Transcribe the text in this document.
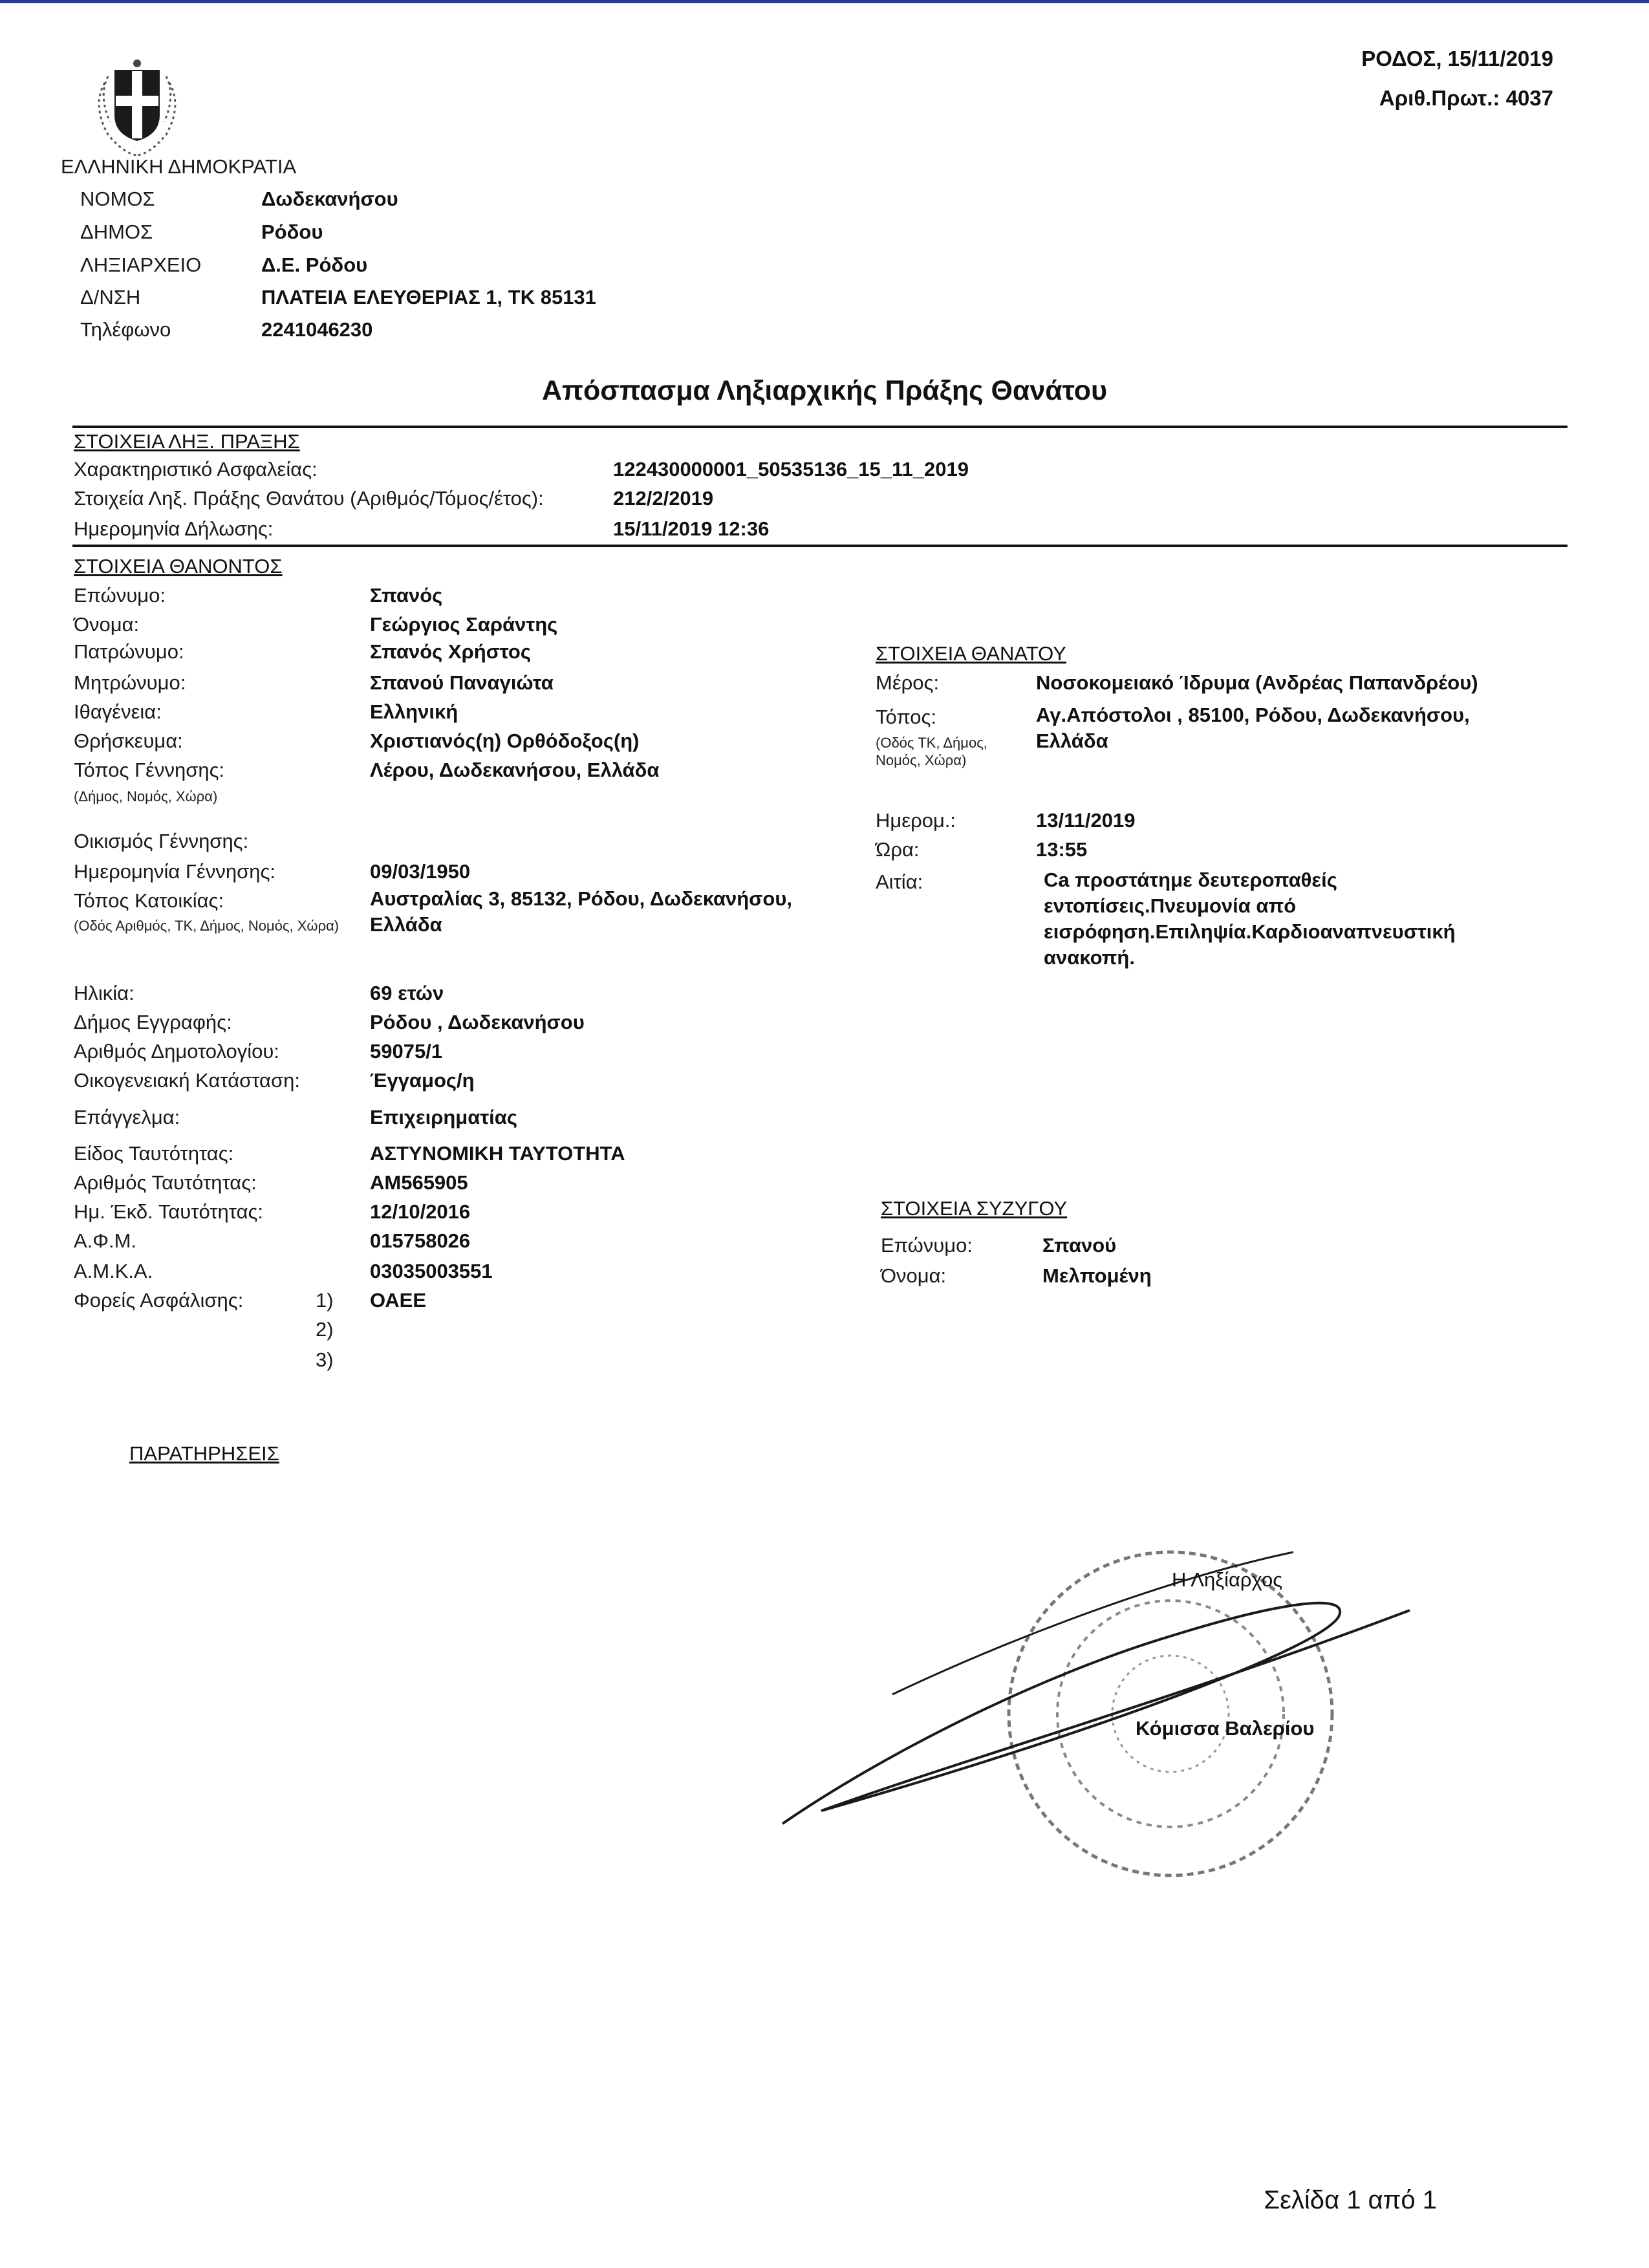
ΡΟΔΟΣ, 15/11/2019
Αριθ.Πρωτ.: 4037
ΕΛΛΗΝΙΚΗ ΔΗΜΟΚΡΑΤΙΑ
ΝΟΜΟΣ	Δωδεκανήσου
ΔΗΜΟΣ	Ρόδου
ΛΗΞΙΑΡΧΕΙΟ	Δ.Ε. Ρόδου
Δ/ΝΣΗ	ΠΛΑΤΕΙΑ ΕΛΕΥΘΕΡΙΑΣ 1, ΤΚ 85131
Τηλέφωνο	2241046230
Απόσπασμα Ληξιαρχικής Πράξης Θανάτου
ΣΤΟΙΧΕΙΑ ΛΗΞ. ΠΡΑΞΗΣ
Χαρακτηριστικό Ασφαλείας:	122430000001_50535136_15_11_2019
Στοιχεία Ληξ. Πράξης Θανάτου (Αριθμός/Τόμος/έτος):	212/2/2019
Ημερομηνία Δήλωσης:	15/11/2019 12:36
ΣΤΟΙΧΕΙΑ ΘΑΝΟΝΤΟΣ
Επώνυμο:	Σπανός
Όνομα:	Γεώργιος Σαράντης
Πατρώνυμο:	Σπανός Χρήστος
Μητρώνυμο:	Σπανού Παναγιώτα
Ιθαγένεια:	Ελληνική
Θρήσκευμα:	Χριστιανός(η) Ορθόδοξος(η)
Τόπος Γέννησης:
(Δήμος, Νομός, Χώρα)
Λέρου, Δωδεκανήσου, Ελλάδα
Οικισμός Γέννησης:
Ημερομηνία Γέννησης:	09/03/1950
Τόπος Κατοικίας:
(Οδός Αριθμός, ΤΚ, Δήμος, Νομός, Χώρα)
Αυστραλίας 3, 85132, Ρόδου, Δωδεκανήσου, Ελλάδα
Ηλικία:	69 ετών
Δήμος Εγγραφής:	Ρόδου , Δωδεκανήσου
Αριθμός Δημοτολογίου:	59075/1
Οικογενειακή Κατάσταση:	Έγγαμος/η
Επάγγελμα:	Επιχειρηματίας
Είδος Ταυτότητας:	ΑΣΤΥΝΟΜΙΚΗ ΤΑΥΤΟΤΗΤΑ
Αριθμός Ταυτότητας:	ΑΜ565905
Ημ. Έκδ. Ταυτότητας:	12/10/2016
Α.Φ.Μ.	015758026
Α.Μ.Κ.Α.	03035003551
Φορείς Ασφάλισης:	1) ΟΑΕΕ
2)
3)
ΣΤΟΙΧΕΙΑ ΘΑΝΑΤΟΥ
Μέρος:	Νοσοκομειακό Ίδρυμα (Ανδρέας Παπανδρέου)
Τόπος:
(Οδός ΤΚ, Δήμος, Νομός, Χώρα)
Αγ.Απόστολοι , 85100, Ρόδου, Δωδεκανήσου, Ελλάδα
Ημερομ.:	13/11/2019
Ώρα:	13:55
Αιτία:	Ca προστάτημε δευτεροπαθείς εντοπίσεις.Πνευμονία από εισρόφηση.Επιληψία.Καρδιοαναπνευστική ανακοπή.
ΣΤΟΙΧΕΙΑ ΣΥΖΥΓΟΥ
Επώνυμο:	Σπανού
Όνομα:	Μελπομένη
ΠΑΡΑΤΗΡΗΣΕΙΣ
Η Ληξίαρχος
Κόμισσα Βαλερίου
Σελίδα 1 από 1
